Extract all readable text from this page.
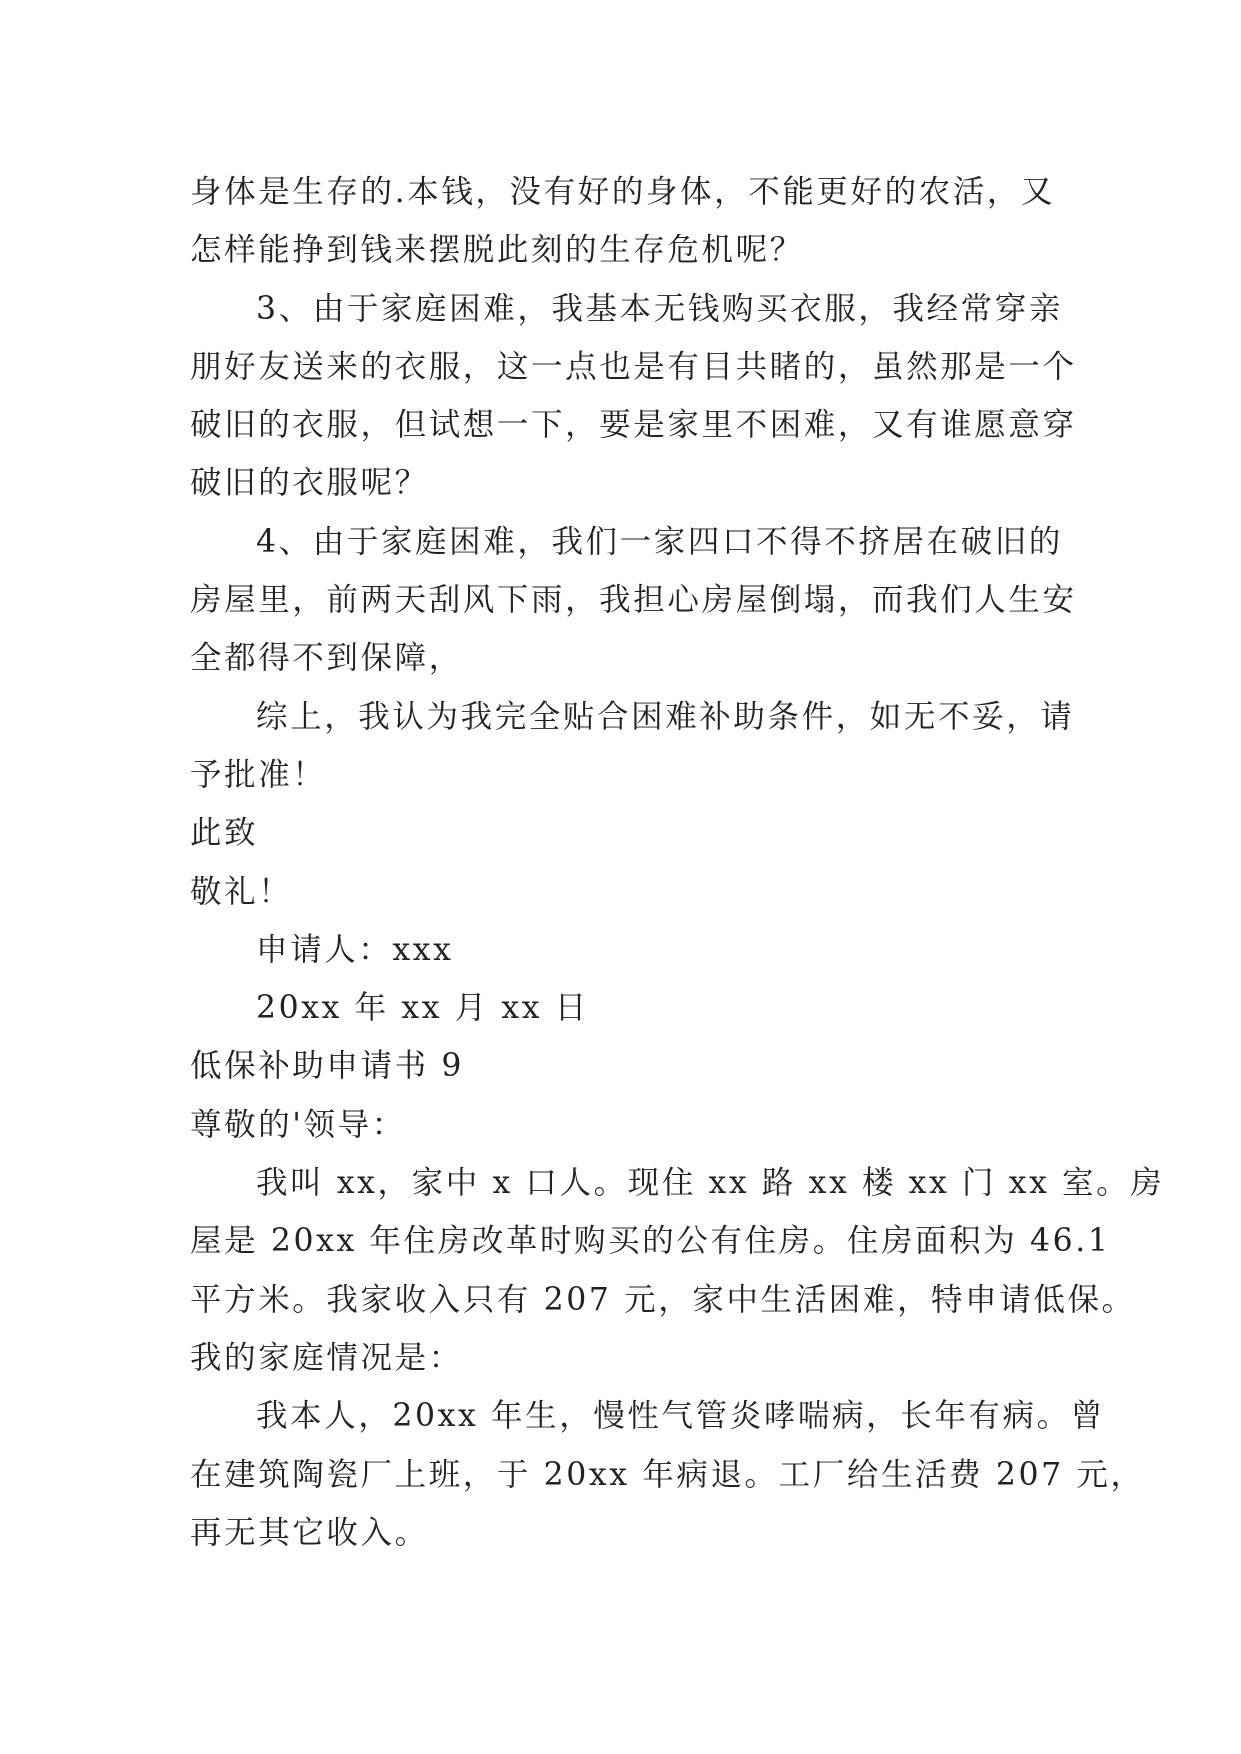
身体是生存的.本钱，没有好的身体，不能更好的农活，又
怎样能挣到钱来摆脱此刻的生存危机呢？
3、由于家庭困难，我基本无钱购买衣服，我经常穿亲
朋好友送来的衣服，这一点也是有目共睹的，虽然那是一个
破旧的衣服，但试想一下，要是家里不困难，又有谁愿意穿
破旧的衣服呢？
4、由于家庭困难，我们一家四口不得不挤居在破旧的
房屋里，前两天刮风下雨，我担心房屋倒塌，而我们人生安
全都得不到保障，
综上，我认为我完全贴合困难补助条件，如无不妥，请
予批准！
此致
敬礼！
申请人：xxx
20xx 年 xx 月 xx 日
低保补助申请书 9
尊敬的'领导：
我叫 xx，家中 x 口人。现住 xx 路 xx 楼 xx 门 xx 室。房
屋是 20xx 年住房改革时购买的公有住房。住房面积为 46.1
平方米。我家收入只有 207 元，家中生活困难，特申请低保。
我的家庭情况是：
我本人，20xx 年生，慢性气管炎哮喘病，长年有病。曾
在建筑陶瓷厂上班，于 20xx 年病退。工厂给生活费 207 元，
再无其它收入。
